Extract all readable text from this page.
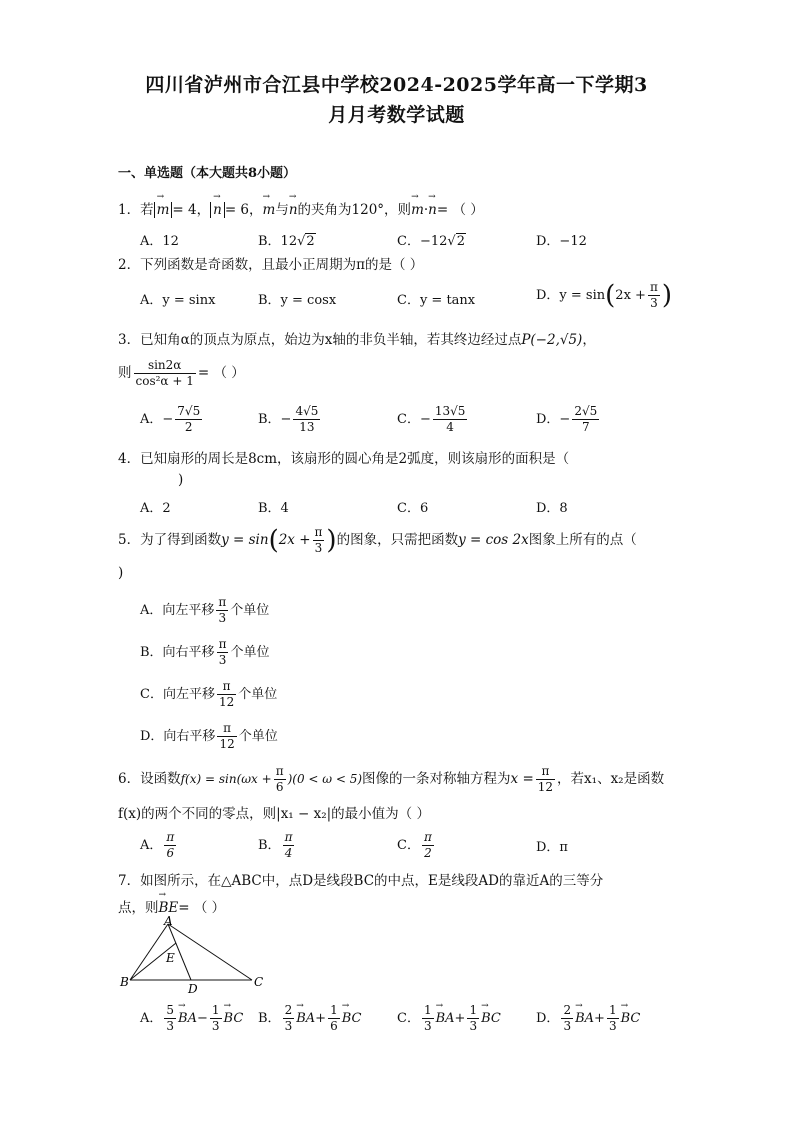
四川省泸州市合江县中学校2024-2025学年高一下学期3
月月考数学试题
一、单选题（本大题共8小题）
1．若→ m = 4，→ n = 6，→ m与→ n的夹角为120°，则→ m·→ n= （ ）
A．12	B．12√2	C．−12√2	D．−12
2．下列函数是奇函数，且最小正周期为π的是（ ）
A．y = sinx	B．y = cosx	C．y = tanx	D．$y = \sin(2x + \frac{\pi}{3}$ )
3．已知角α的顶点为原点，始边为x轴的非负半轴，若其终边经过点P(−2,√5)，
则 $\frac{\sin 2\alpha}{\text{cos²α + 1}}$ = （ ）
A．− $\frac{7√5}{2}$	B．− $\frac{4√5}{13}$	C．− $\frac{13√5}{4}$	D．− $\frac{2√5}{7}$
4．已知扇形的周长是8cm，该扇形的圆心角是2弧度，则该扇形的面积是（
)
A．2	B．4	C．6	D．8
5．为了得到函数$y = \sin(2x + \frac{\pi}{3}$ )的图象，只需把函数y = cos 2x图象上所有的点（
)
A．向左平移 $\frac{\pi}{3}$ 个单位
B．向右平移 $\frac{\pi}{3}$ 个单位
C．向左平移 $\frac{\pi}{12}$ 个单位
D．向右平移 $\frac{\pi}{12}$ 个单位
6．设函数$f(x) = \sin(\omega x + \frac{\pi}{6} )(0 < \omega < 5)$图像的一条对称轴方程为$x = \frac{\pi}{12}$ ，若x₁、x₂是函数
f(x)的两个不同的零点，则|x₁ − x₂|的最小值为（ ）
A． $\frac{\pi}{6}$	B． $\frac{\pi}{4}$	C． $\frac{\pi}{2}$	D．π
7．如图所示，在△ABC中，点D是线段BC的中点，E是线段AD的靠近A的三等分
点，则→ BE= （ ）
A
B	C
D
E
A． $\frac{5}{3}$
→ $BA- \frac{1}{3}$
→ BC B． $\frac{2}{3}$
→ $BA+ \frac{1}{6}$
→ BC	C． $\frac{1}{3}$
→ $BA+ \frac{1}{3}$
→ BC	D． $\frac{2}{3}$
→ $BA+ \frac{1}{3}$
→ BC
